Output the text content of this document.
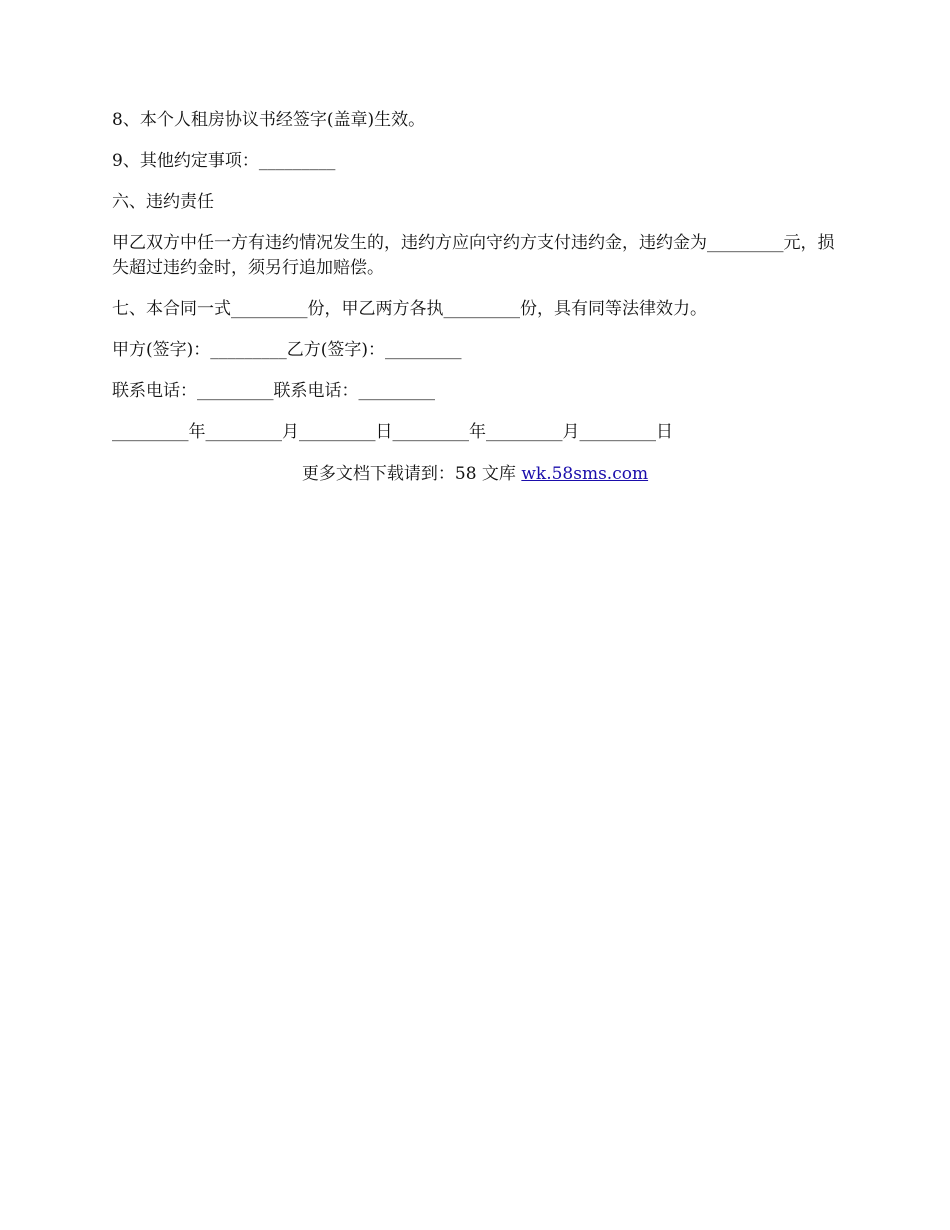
8、本个人租房协议书经签字(盖章)生效。

9、其他约定事项：_________

六、违约责任

甲乙双方中任一方有违约情况发生的，违约方应向守约方支付违约金，违约金为_________元，损失超过违约金时，须另行追加赔偿。

七、本合同一式_________份，甲乙两方各执_________份，具有同等法律效力。

甲方(签字)：_________乙方(签字)：_________

联系电话：_________联系电话：_________

_________年_________月_________日_________年_________月_________日

更多文档下载请到：58 文库 wk.58sms.com
